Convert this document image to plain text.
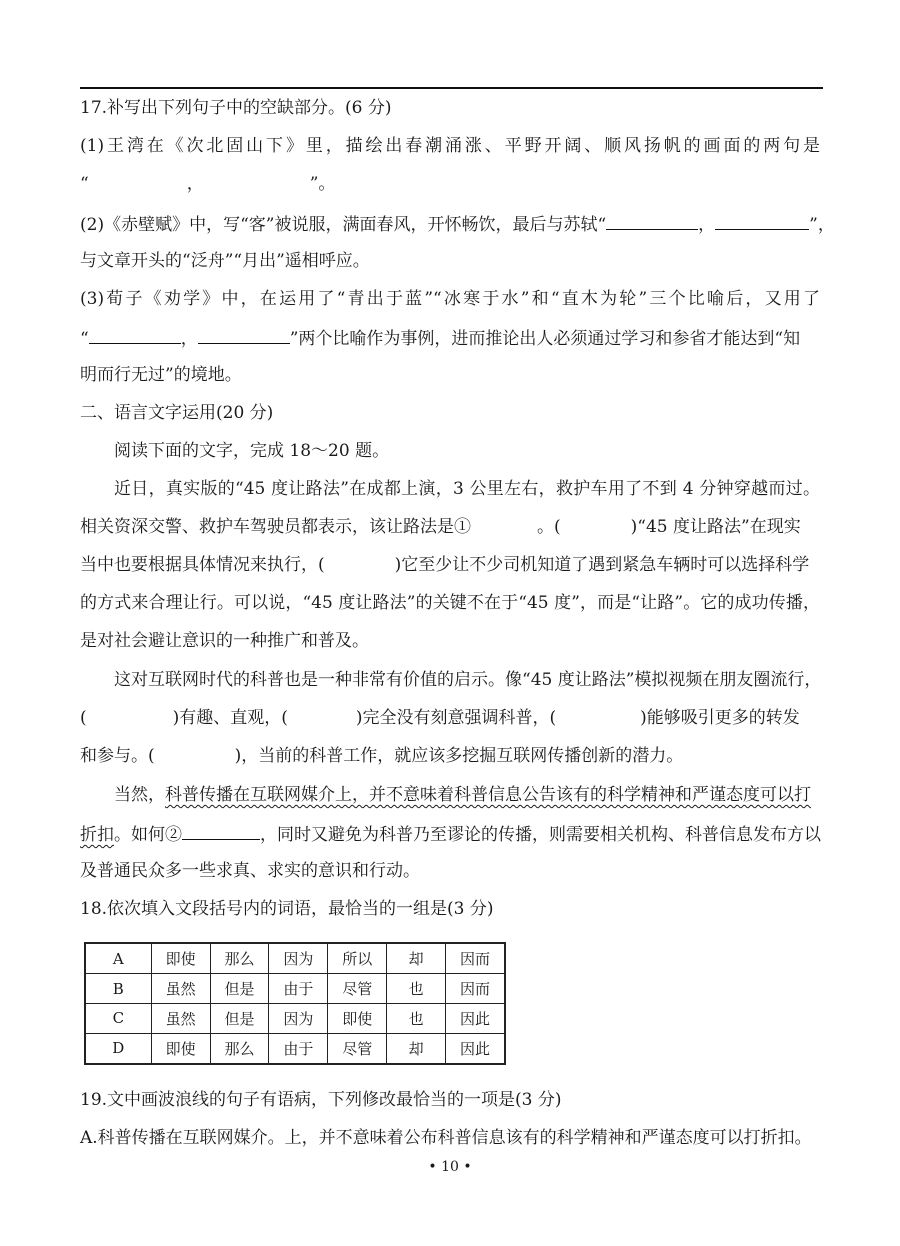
17.补写出下列句子中的空缺部分。(6 分)
(1)王湾在《次北固山下》里，描绘出春潮涌涨、平野开阔、顺风扬帆的画面的两句是
“	，	”。
(2)《赤壁赋》中，写“客”被说服，满面春风，开怀畅饮，最后与苏轼“	，	”，
与文章开头的“泛舟”“月出”遥相呼应。
(3)荀子《劝学》中，在运用了“青出于蓝”“冰寒于水”和“直木为轮”三个比喻后，又用了
“	，	”两个比喻作为事例，进而推论出人必须通过学习和参省才能达到“知
明而行无过”的境地。
二、语言文字运用(20 分)
阅读下面的文字，完成 18～20 题。
近日，真实版的“45 度让路法”在成都上演，3 公里左右，救护车用了不到 4 分钟穿越而过。
相关资深交警、救护车驾驶员都表示，该让路法是①	。(	)“45 度让路法”在现实
当中也要根据具体情况来执行，(	)它至少让不少司机知道了遇到紧急车辆时可以选择科学
的方式来合理让行。可以说，“45 度让路法”的关键不在于“45 度”，而是“让路”。它的成功传播，
是对社会避让意识的一种推广和普及。
这对互联网时代的科普也是一种非常有价值的启示。像“45 度让路法”模拟视频在朋友圈流行，
(	)有趣、直观，(	)完全没有刻意强调科普，(	)能够吸引更多的转发
和参与。(	)，当前的科普工作，就应该多挖掘互联网传播创新的潜力。
当然，科普传播在互联网媒介上，并不意味着科普信息公告该有的科学精神和严谨态度可以打
折扣。如何②	，同时又避免为科普乃至谬论的传播，则需要相关机构、科普信息发布方以
及普通民众多一些求真、求实的意识和行动。
18.依次填入文段括号内的词语，最恰当的一组是(3 分)
A	即使	那么	因为	所以	却	因而
B	虽然	但是	由于	尽管	也	因而
C	虽然	但是	因为	即使	也	因此
D	即使	那么	由于	尽管	却	因此
19.文中画波浪线的句子有语病，下列修改最恰当的一项是(3 分)
A.科普传播在互联网媒介。上，并不意味着公布科普信息该有的科学精神和严谨态度可以打折扣。
• 10 •
